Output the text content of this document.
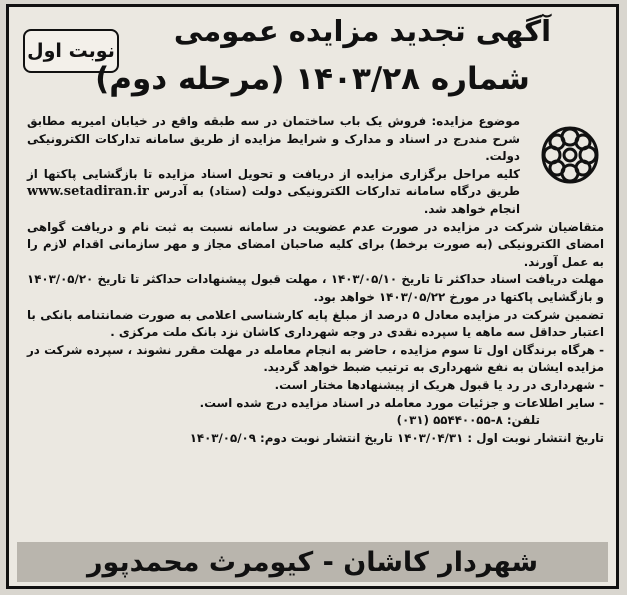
نوبت اول
آگهی تجدید مزایده عمومی
شماره ۱۴۰۳/۲۸ (مرحله دوم)

موضوع مزایده: فروش یک باب ساختمان در سه طبقه واقع در خیابان امیریه مطابق شرح مندرج در اسناد و مدارک و شرایط مزایده از طریق سامانه تدارکات الکترونیکی دولت.

کلیه مراحل برگزاری مزایده از دریافت و تحویل اسناد مزایده تا بازگشایی پاکتها از طریق درگاه سامانه تدارکات الکترونیکی دولت (ستاد) به آدرس www.setadiran.ir انجام خواهد شد.

متقاضیان شرکت در مزایده در صورت عدم عضویت در سامانه نسبت به ثبت نام و دریافت گواهی امضای الکترونیکی (به صورت برخط) برای کلیه صاحبان امضای مجاز و مهر سازمانی اقدام لازم را به عمل آورند.

مهلت دریافت اسناد حداکثر تا تاریخ ۱۴۰۳/۰۵/۱۰ ، مهلت قبول پیشنهادات حداکثر تا تاریخ ۱۴۰۳/۰۵/۲۰ و بازگشایی پاکتها در مورخ ۱۴۰۳/۰۵/۲۲ خواهد بود.

تضمین شرکت در مزایده معادل ۵ درصد از مبلغ پایه کارشناسی اعلامی به صورت ضمانتنامه بانکی با اعتبار حداقل سه ماهه یا سپرده نقدی در وجه شهرداری کاشان نزد بانک ملت مرکزی .

- هرگاه برندگان اول تا سوم مزایده ، حاضر به انجام معامله در مهلت مقرر نشوند ، سپرده شرکت در مزایده ایشان به نفع شهرداری به ترتیب ضبط خواهد گردید.

- شهرداری در رد یا قبول هریک از پیشنهادها مختار است.

- سایر اطلاعات و جزئیات مورد معامله در اسناد مزایده درج شده است.

تلفن: ۸-۵۵۴۴۰۰۵۵ (۰۳۱)

تاریخ انتشار نوبت اول : ۱۴۰۳/۰۴/۳۱ تاریخ انتشار نوبت دوم: ۱۴۰۳/۰۵/۰۹

شهردار کاشان - کیومرث محمدپور
